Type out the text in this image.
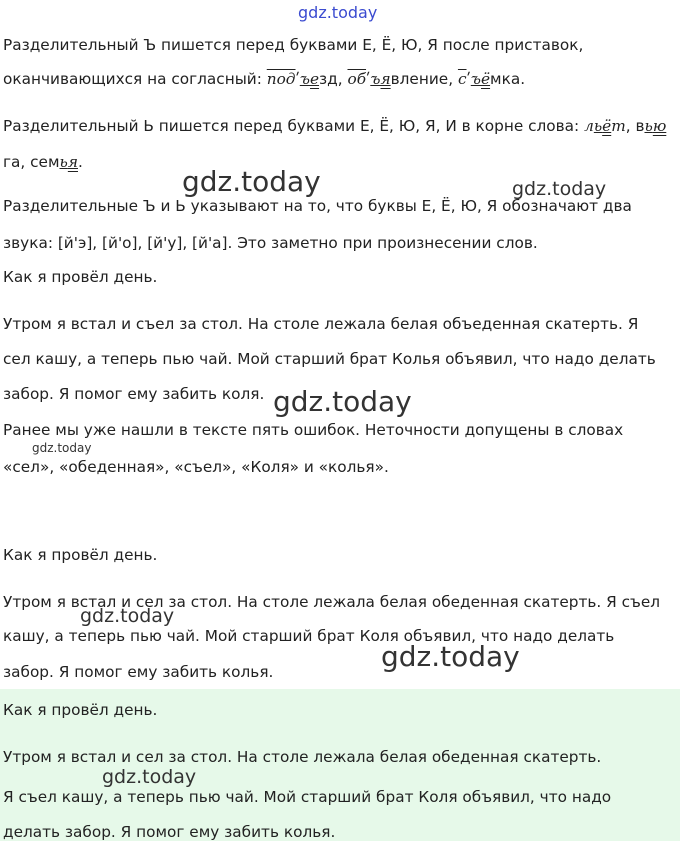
gdz.today
Разделительный Ъ пишется перед буквами Е, Ё, Ю, Я после приставок,
оканчивающихся на согласный: подʹъезд, обʹъявление, сʹъёмка.
Разделительный Ь пишется перед буквами Е, Ё, Ю, Я, И в корне слова: льёт, вью
га, семья.
gdz.today	gdz.today
Разделительные Ъ и Ь указывают на то, что буквы Е, Ё, Ю, Я обозначают два
звука: [й'э], [й'о], [й'у], [й'а]. Это заметно при произнесении слов.
Как я провёл день.
Утром я встал и съел за стол. На столе лежала белая объеденная скатерть. Я
сел кашу, а теперь пью чай. Мой старший брат Колья объявил, что надо делать
забор. Я помог ему забить коля. gdz.today
Ранее мы уже нашли в тексте пять ошибок. Неточности допущены в словах
gdz.today
«сел», «обеденная», «съел», «Коля» и «колья».
Как я провёл день.
Утром я встал и сел за стол. На столе лежала белая обеденная скатерть. Я съел
gdz.today
кашу, а теперь пью чай. Мой старший брат Коля объявил, что надо делать
gdz.today
забор. Я помог ему забить колья.
Как я провёл день.
Утром я встал и сел за стол. На столе лежала белая обеденная скатерть.
gdz.today
Я съел кашу, а теперь пью чай. Мой старший брат Коля объявил, что надо
делать забор. Я помог ему забить колья.
